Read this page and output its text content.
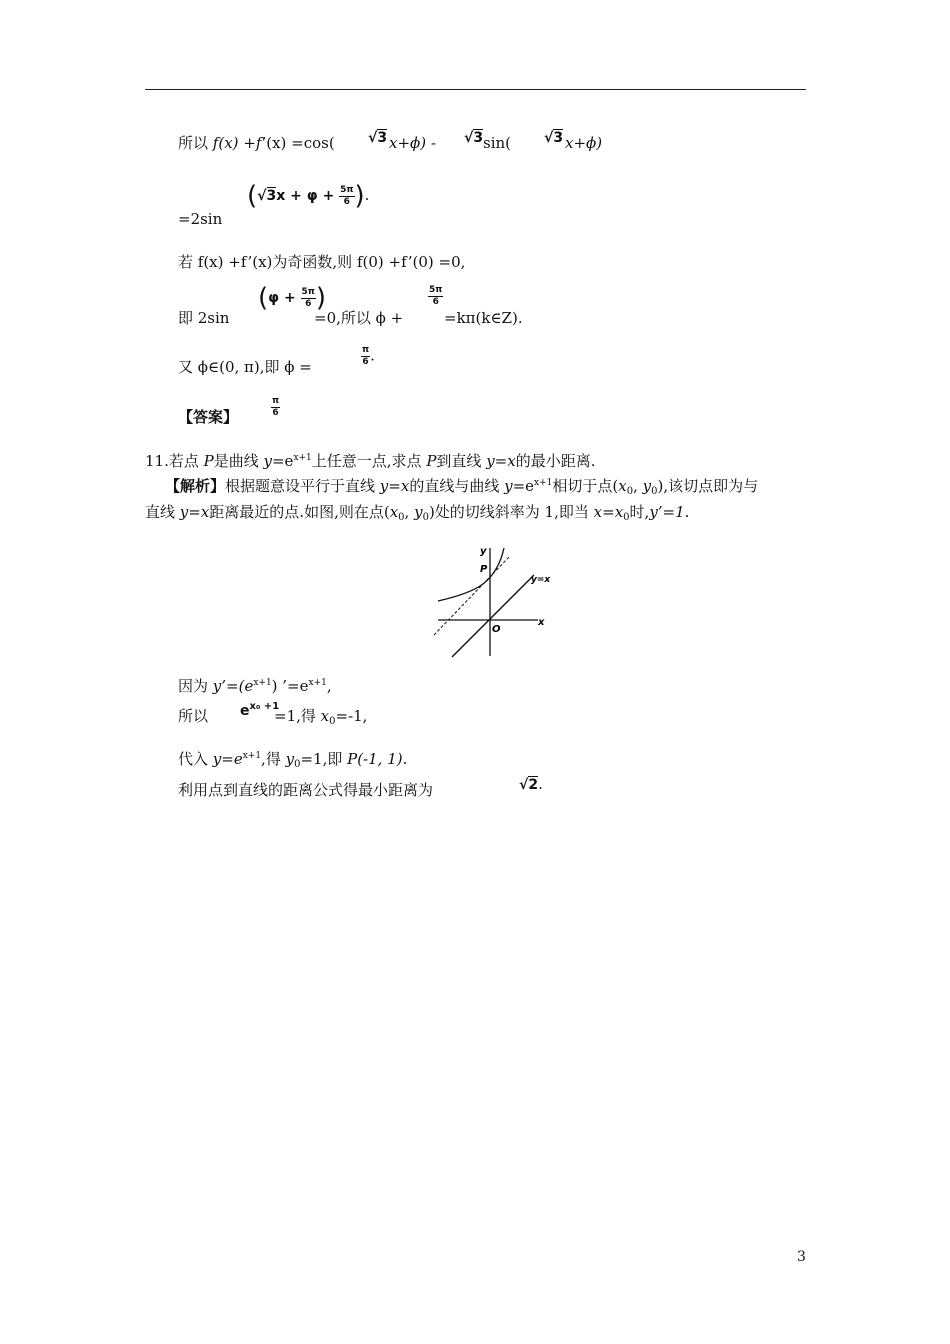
所以 f(x) +f’(x) =cos( √3 x+ϕ) - √3 sin( √3 x+ϕ)
=2sin
($√3x + \varphi + \frac{5\pi}{6}$ ).
若 f(x) +f’(x)为奇函数,则 f(0) +f’(0) =0,
即 2sin
($\varphi + \frac{5\pi}{6}$ )
=0,所以 ϕ +
$\frac{5\pi}{6}$
=kπ(k∈Z).
又 ϕ∈(0, π),即 ϕ =	$\frac{\pi}{6}$ .
【答案】	$\frac{\pi}{6}$
11.若点 P是曲线 $y=e^{x+1}$上任意一点,求点 P到直线 y=x的最小距离.
【解析】根据题意设平行于直线 y=x的直线与曲线 $y=e^{x+1}$相切于点($x_0$, $y_0$),该切点即为与
直线 y=x距离最近的点.如图,则在点($x_0$, $y_0$)处的切线斜率为 1,即当 $x=x_0$时,y’=1.
y
P
y=x
O
x
因为 $y’=(e^{x+1})$ $’=e^{x+1}$,
所以 $e^{x_0 +1}$
=1,得 $x_0=-1$,
代入 $y=e^{x+1}$,得 $y_0=1$,即 P(-1, 1).
利用点到直线的距离公式得最小距离为	√2.
3
